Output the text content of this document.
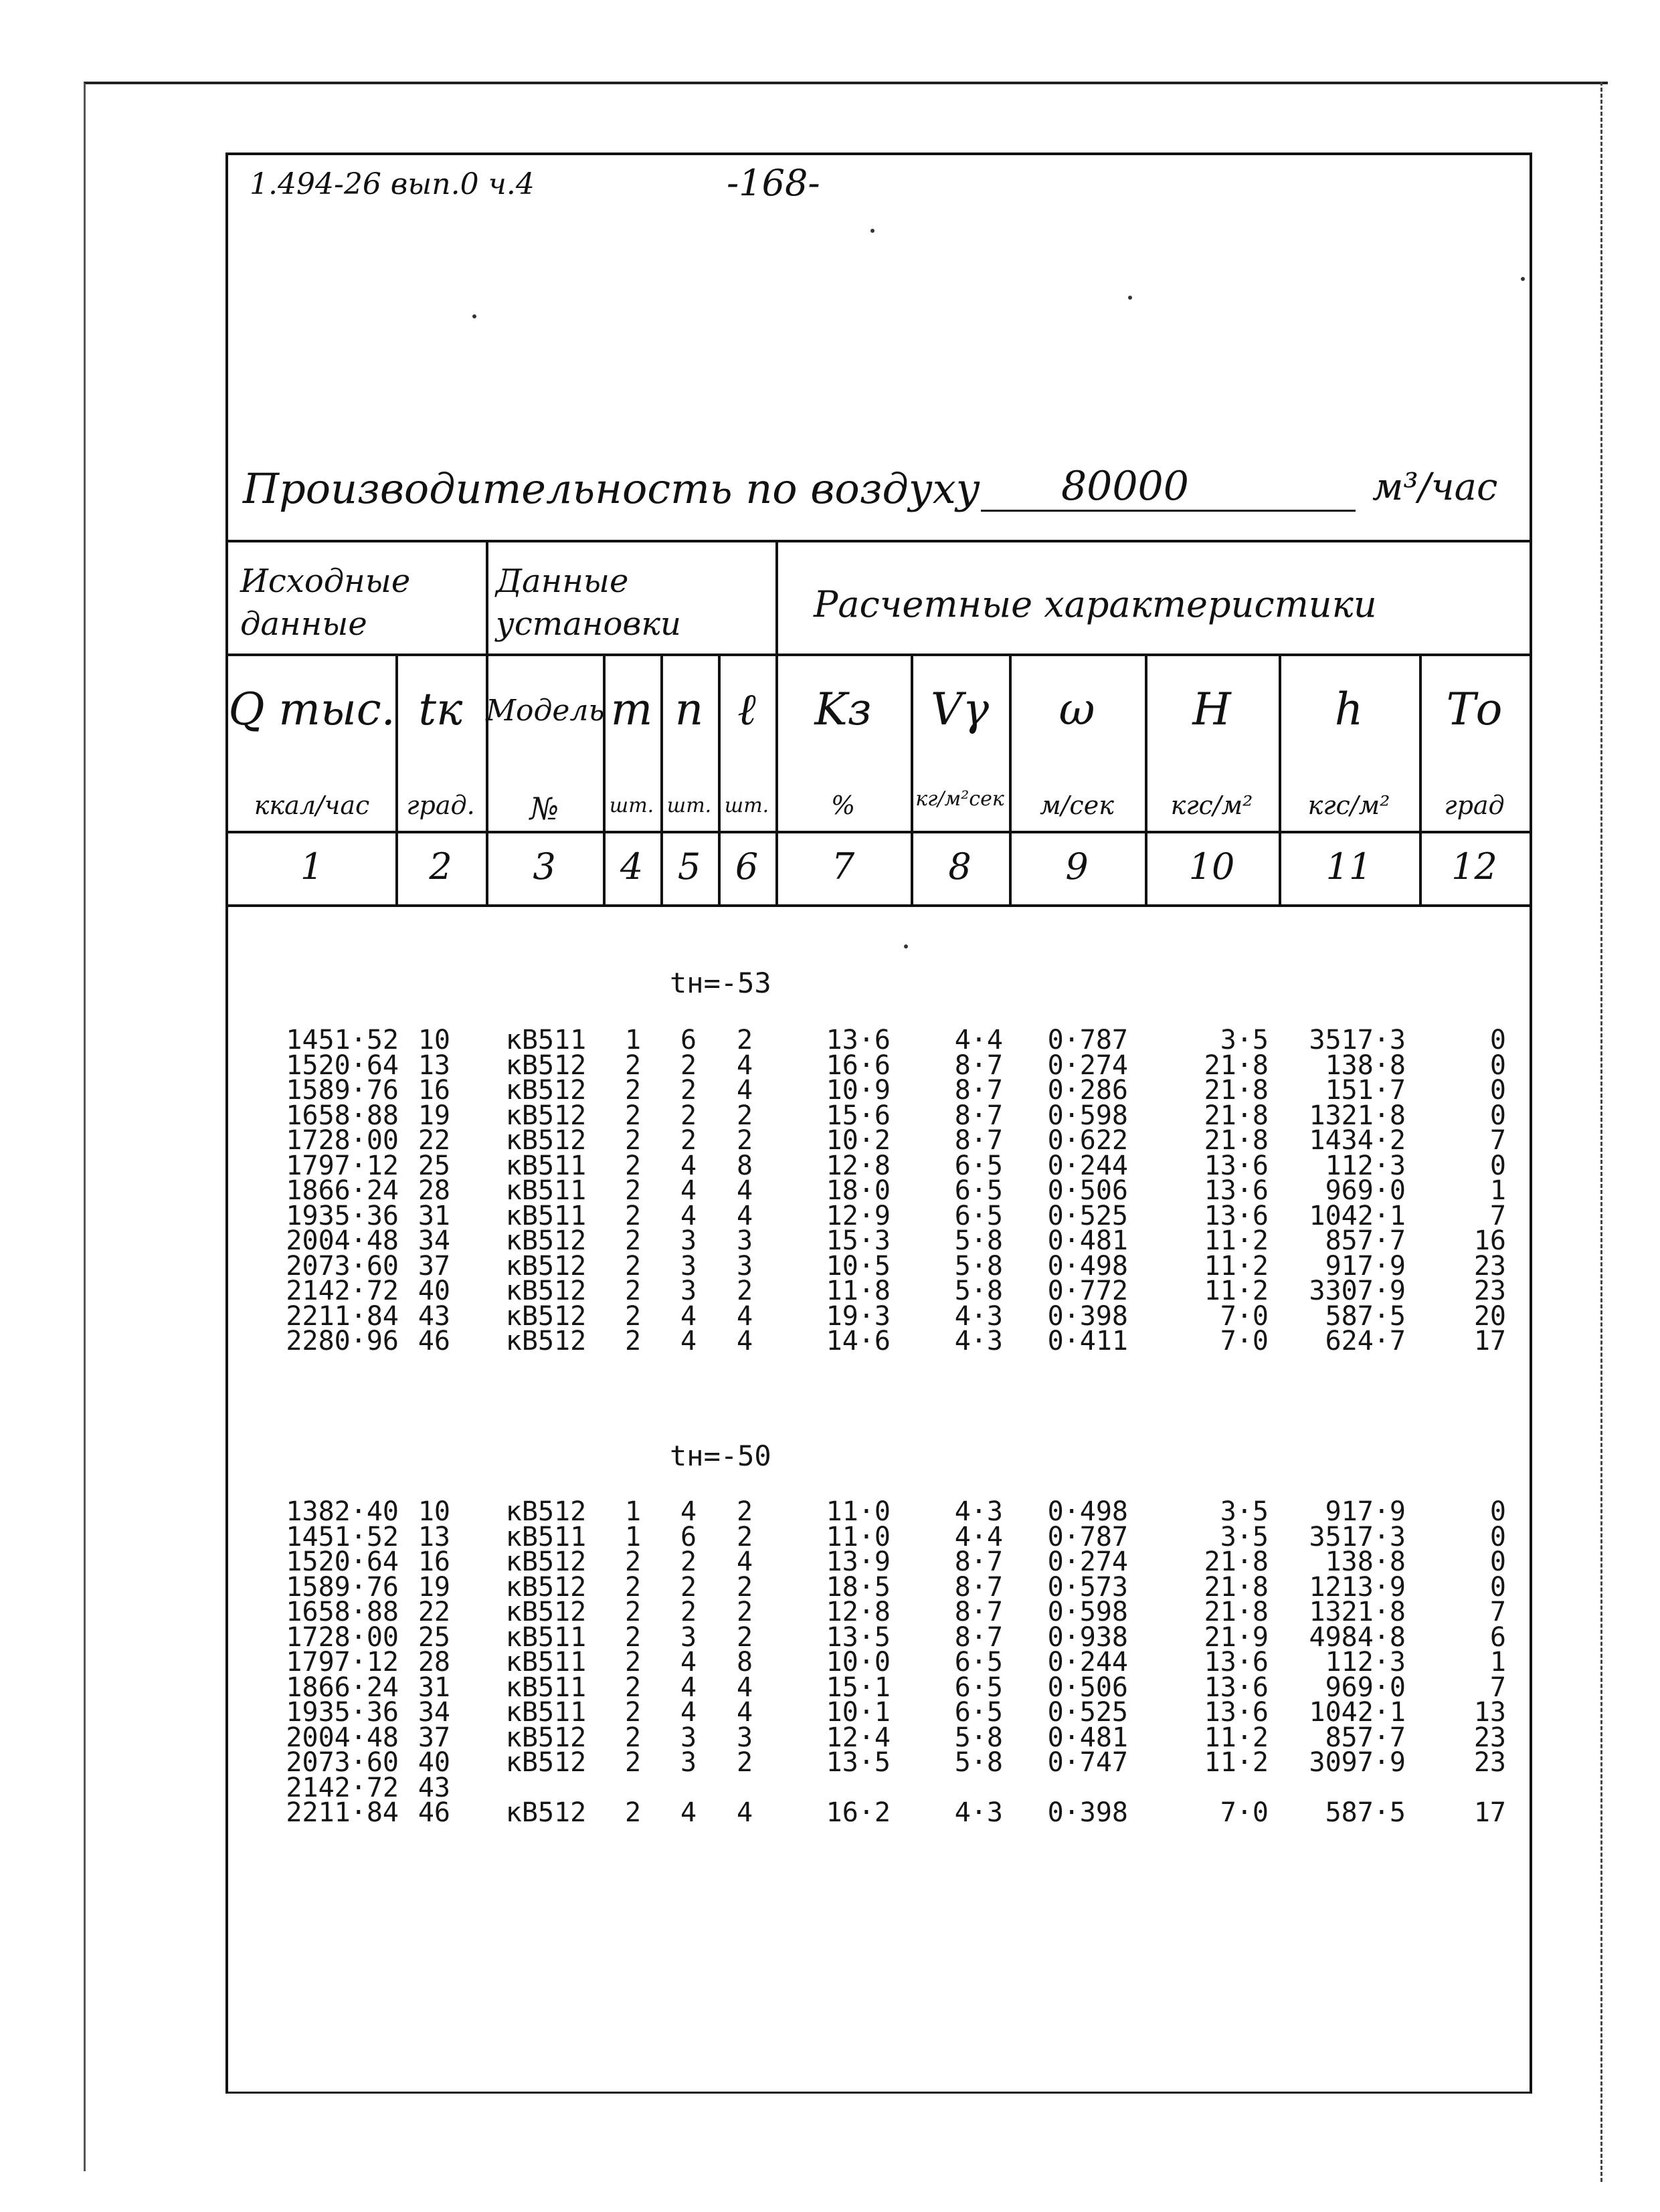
1.494-26 вып.0 ч.4	-168-
Производительность по воздуху 80000	м³/час
Исходные данные
Данные установки	Расчетные характеристики
Q тыс. tк Модель m n ℓ	Kз	Vγ	ω	H	h	Tо
ккал/час	град.	№	шт. шт. шт.	%	кг/м²сек	м/сек	кгс/м²	кгс/м²	град
1	2	3	4 5 6	7	8	9	10	11	12
tн=-53
1451·52 10	кВ511	1 6 2	13·6	4·4	0·787	3·5	3517·3	0
1520·64 13	кВ512	2 2 4	16·6	8·7	0·274	21·8	138·8	0
1589·76 16	кВ512	2 2 4	10·9	8·7	0·286	21·8	151·7	0
1658·88 19	кВ512	2 2 2	15·6	8·7	0·598	21·8	1321·8	0
1728·00 22	кВ512	2 2 2	10·2	8·7	0·622	21·8	1434·2	7
1797·12 25	кВ511	2 4 8	12·8	6·5	0·244	13·6	112·3	0
1866·24 28	кВ511	2 4 4	18·0	6·5	0·506	13·6	969·0	1
1935·36 31	кВ511	2 4 4	12·9	6·5	0·525	13·6	1042·1	7
2004·48 34	кВ512	2 3 3	15·3	5·8	0·481	11·2	857·7	16
2073·60 37	кВ512	2 3 3	10·5	5·8	0·498	11·2	917·9	23
2142·72 40	кВ512	2 3 2	11·8	5·8	0·772	11·2	3307·9	23
2211·84 43	кВ512	2 4 4	19·3	4·3	0·398	7·0	587·5	20
2280·96 46	кВ512	2 4 4	14·6	4·3	0·411	7·0	624·7	17
tн=-50
1382·40 10	кВ512	1 4 2	11·0	4·3	0·498	3·5	917·9	0
1451·52 13	кВ511	1 6 2	11·0	4·4	0·787	3·5	3517·3	0
1520·64 16	кВ512	2 2 4	13·9	8·7	0·274	21·8	138·8	0
1589·76 19	кВ512	2 2 2	18·5	8·7	0·573	21·8	1213·9	0
1658·88 22	кВ512	2 2 2	12·8	8·7	0·598	21·8	1321·8	7
1728·00 25	кВ511	2 3 2	13·5	8·7	0·938	21·9	4984·8	6
1797·12 28	кВ511	2 4 8	10·0	6·5	0·244	13·6	112·3	1
1866·24 31	кВ511	2 4 4	15·1	6·5	0·506	13·6	969·0	7
1935·36 34	кВ511	2 4 4	10·1	6·5	0·525	13·6	1042·1	13
2004·48 37	кВ512	2 3 3	12·4	5·8	0·481	11·2	857·7	23
2073·60 40	кВ512	2 3 2	13·5	5·8	0·747	11·2	3097·9	23
2142·72 43
2211·84 46	кВ512	2 4 4	16·2	4·3	0·398	7·0	587·5	17
